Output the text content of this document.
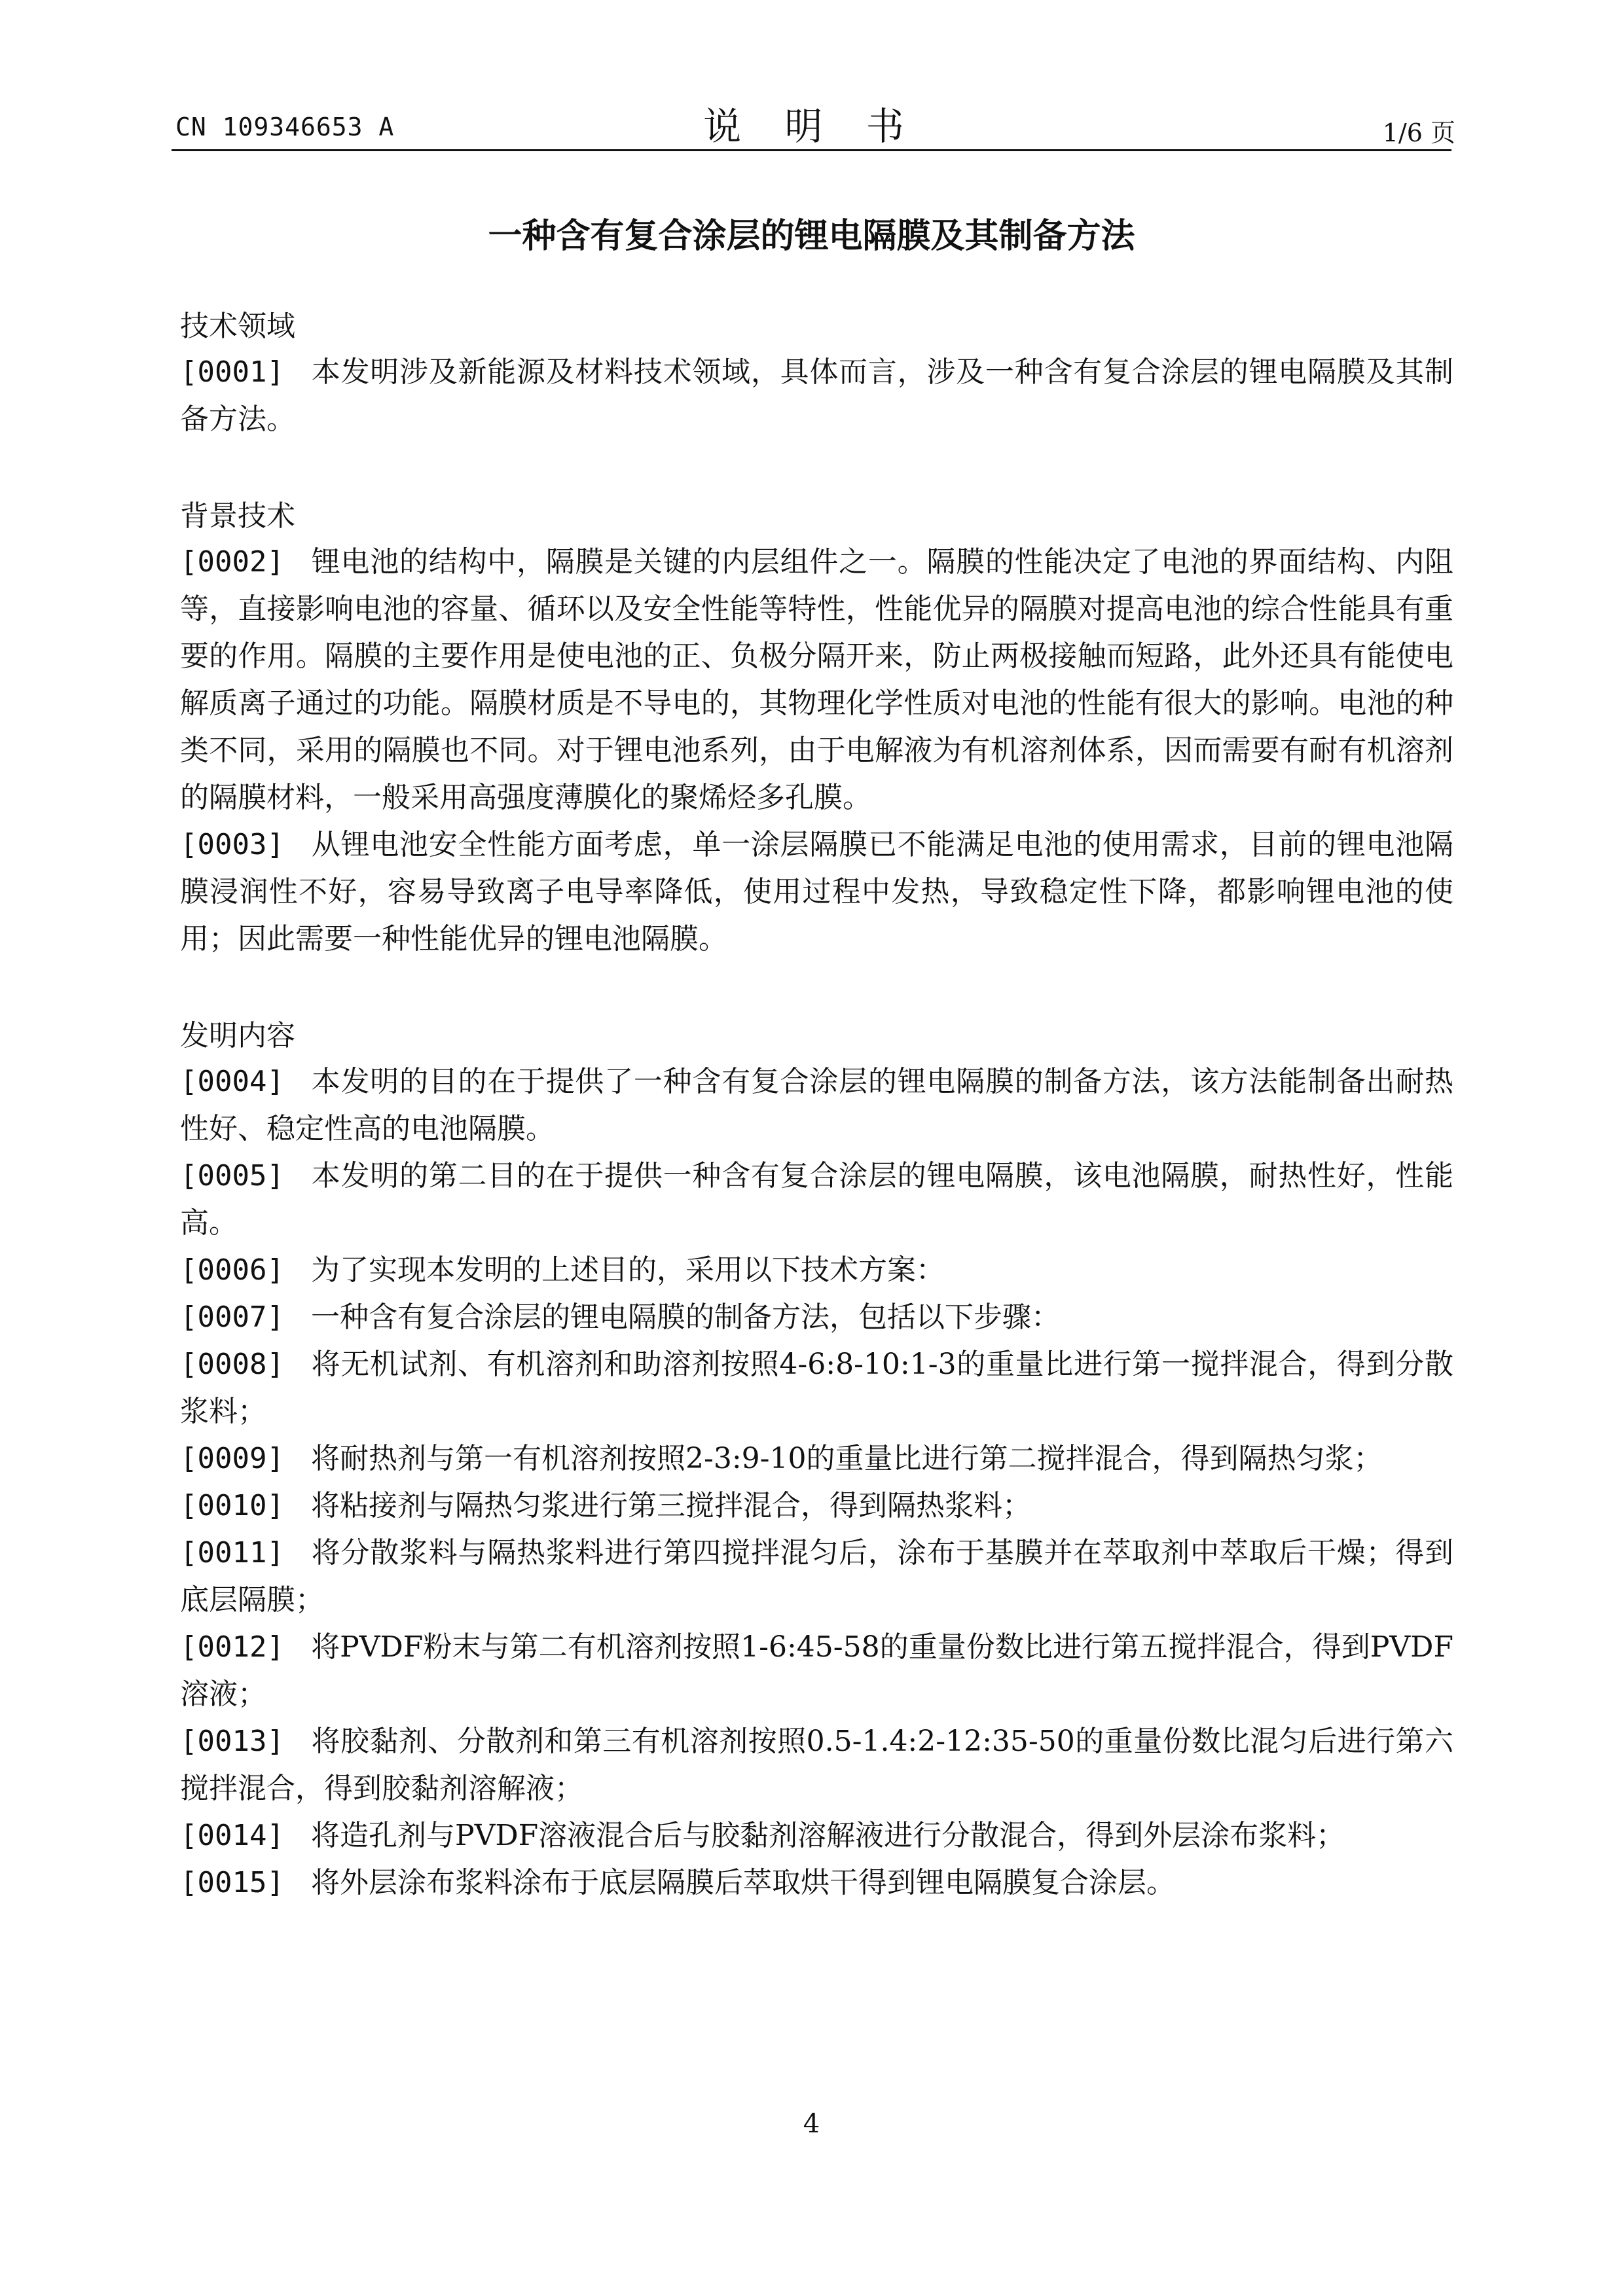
CN 109346653 A	说 明 书	1/6 页
一种含有复合涂层的锂电隔膜及其制备方法
技术领域

[0001] 本发明涉及新能源及材料技术领域，具体而言，涉及一种含有复合涂层的锂电隔膜及其制备方法。

背景技术

[0002] 锂电池的结构中，隔膜是关键的内层组件之一。隔膜的性能决定了电池的界面结构、内阻等，直接影响电池的容量、循环以及安全性能等特性，性能优异的隔膜对提高电池的综合性能具有重要的作用。隔膜的主要作用是使电池的正、负极分隔开来，防止两极接触而短路，此外还具有能使电解质离子通过的功能。隔膜材质是不导电的，其物理化学性质对电池的性能有很大的影响。电池的种类不同，采用的隔膜也不同。对于锂电池系列，由于电解液为有机溶剂体系，因而需要有耐有机溶剂的隔膜材料，一般采用高强度薄膜化的聚烯烃多孔膜。

[0003] 从锂电池安全性能方面考虑，单一涂层隔膜已不能满足电池的使用需求，目前的锂电池隔膜浸润性不好，容易导致离子电导率降低，使用过程中发热，导致稳定性下降，都影响锂电池的使用；因此需要一种性能优异的锂电池隔膜。

发明内容

[0004] 本发明的目的在于提供了一种含有复合涂层的锂电隔膜的制备方法，该方法能制备出耐热性好、稳定性高的电池隔膜。

[0005] 本发明的第二目的在于提供一种含有复合涂层的锂电隔膜，该电池隔膜，耐热性好，性能高。

[0006] 为了实现本发明的上述目的，采用以下技术方案：

[0007] 一种含有复合涂层的锂电隔膜的制备方法，包括以下步骤：

[0008] 将无机试剂、有机溶剂和助溶剂按照4-6:8-10:1-3的重量比进行第一搅拌混合，得到分散浆料；

[0009] 将耐热剂与第一有机溶剂按照2-3:9-10的重量比进行第二搅拌混合，得到隔热匀浆；

[0010] 将粘接剂与隔热匀浆进行第三搅拌混合，得到隔热浆料；

[0011] 将分散浆料与隔热浆料进行第四搅拌混匀后，涂布于基膜并在萃取剂中萃取后干燥；得到底层隔膜；

[0012] 将PVDF粉末与第二有机溶剂按照1-6:45-58的重量份数比进行第五搅拌混合，得到PVDF溶液；

[0013] 将胶黏剂、分散剂和第三有机溶剂按照0.5-1.4:2-12:35-50的重量份数比混匀后进行第六搅拌混合，得到胶黏剂溶解液；

[0014] 将造孔剂与PVDF溶液混合后与胶黏剂溶解液进行分散混合，得到外层涂布浆料；

[0015] 将外层涂布浆料涂布于底层隔膜后萃取烘干得到锂电隔膜复合涂层。

4
